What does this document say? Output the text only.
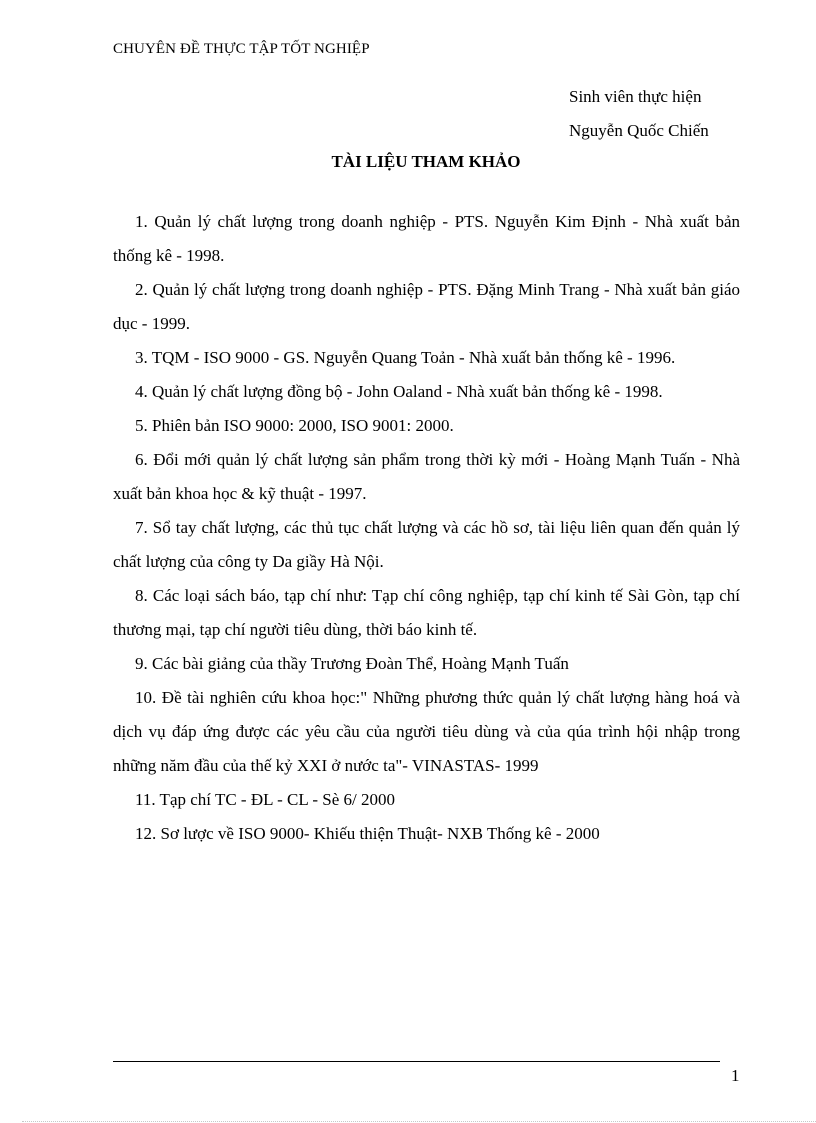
CHUYÊN ĐỀ THỰC TẬP TỐT NGHIỆP
Sinh viên thực hiện
Nguyễn Quốc Chiến
TÀI LIỆU THAM KHẢO

1. Quản lý chất lượng trong doanh nghiệp - PTS. Nguyễn Kim Định - Nhà xuất bản thống kê - 1998.

2. Quản lý chất lượng trong doanh nghiệp - PTS. Đặng Minh Trang - Nhà xuất bản giáo dục - 1999.

3. TQM - ISO 9000 - GS. Nguyễn Quang Toản - Nhà xuất bản thống kê - 1996.

4. Quản lý chất lượng đồng bộ - John Oaland - Nhà xuất bản thống kê - 1998.

5. Phiên bản ISO 9000: 2000, ISO 9001: 2000.

6. Đổi mới quản lý chất lượng sản phẩm trong thời kỳ mới - Hoàng Mạnh Tuấn - Nhà xuất bản khoa học & kỹ thuật - 1997.

7. Sổ tay chất lượng, các thủ tục chất lượng và các hồ sơ, tài liệu liên quan đến quản lý chất lượng của công ty Da giầy Hà Nội.

8. Các loại sách báo, tạp chí như: Tạp chí công nghiệp, tạp chí kinh tế Sài Gòn, tạp chí thương mại, tạp chí người tiêu dùng, thời báo kinh tế.

9. Các bài giảng của thầy Trương Đoàn Thể, Hoàng Mạnh Tuấn

10. Đề tài nghiên cứu khoa học:" Những phương thức quản lý chất lượng hàng hoá và dịch vụ đáp ứng được các yêu cầu của người tiêu dùng và của qúa trình hội nhập trong những năm đầu của thế kỷ XXI ở nước ta"- VINASTAS- 1999

11. Tạp chí TC - ĐL - CL - Sè 6/ 2000

12. Sơ lược về ISO 9000- Khiếu thiện Thuật- NXB Thống kê - 2000

1
